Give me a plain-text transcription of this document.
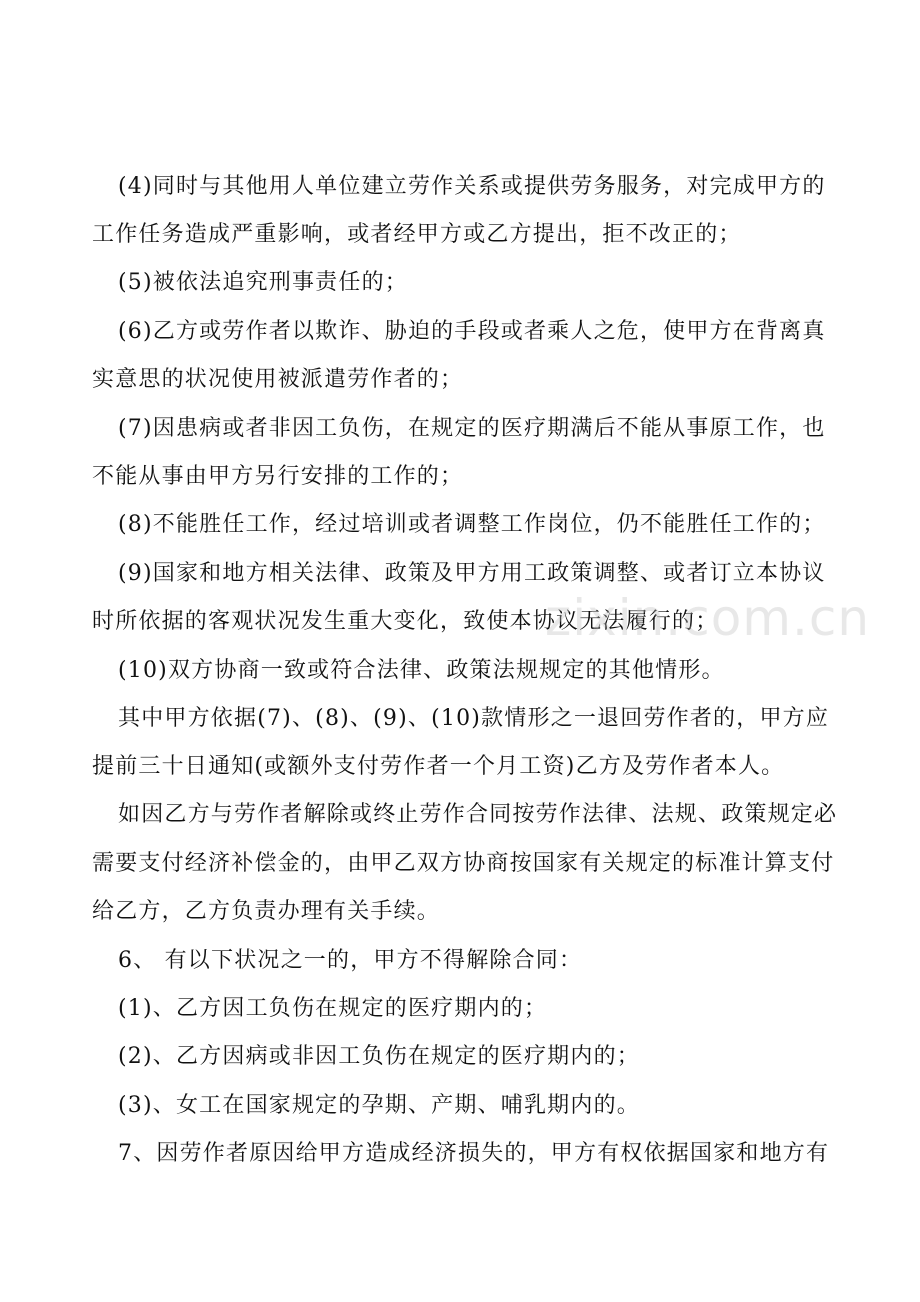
(4)同时与其他用人单位建立劳作关系或提供劳务服务，对完成甲方的
工作任务造成严重影响，或者经甲方或乙方提出，拒不改正的；
(5)被依法追究刑事责任的；
(6)乙方或劳作者以欺诈、胁迫的手段或者乘人之危，使甲方在背离真
实意思的状况使用被派遣劳作者的；
(7)因患病或者非因工负伤，在规定的医疗期满后不能从事原工作，也
不能从事由甲方另行安排的工作的；
(8)不能胜任工作，经过培训或者调整工作岗位，仍不能胜任工作的；
(9)国家和地方相关法律、政策及甲方用工政策调整、或者订立本协议
时所依据的客观状况发生重大变化，致使本协议无法履行的；
(10)双方协商一致或符合法律、政策法规规定的其他情形。
其中甲方依据(7)、(8)、(9)、(10)款情形之一退回劳作者的，甲方应
提前三十日通知(或额外支付劳作者一个月工资)乙方及劳作者本人。
如因乙方与劳作者解除或终止劳作合同按劳作法律、法规、政策规定必
需要支付经济补偿金的，由甲乙双方协商按国家有关规定的标准计算支付
给乙方，乙方负责办理有关手续。
6、 有以下状况之一的，甲方不得解除合同：
(1)、乙方因工负伤在规定的医疗期内的；
(2)、乙方因病或非因工负伤在规定的医疗期内的；
(3)、女工在国家规定的孕期、产期、哺乳期内的。
7、因劳作者原因给甲方造成经济损失的，甲方有权依据国家和地方有
zixin.com.cn
